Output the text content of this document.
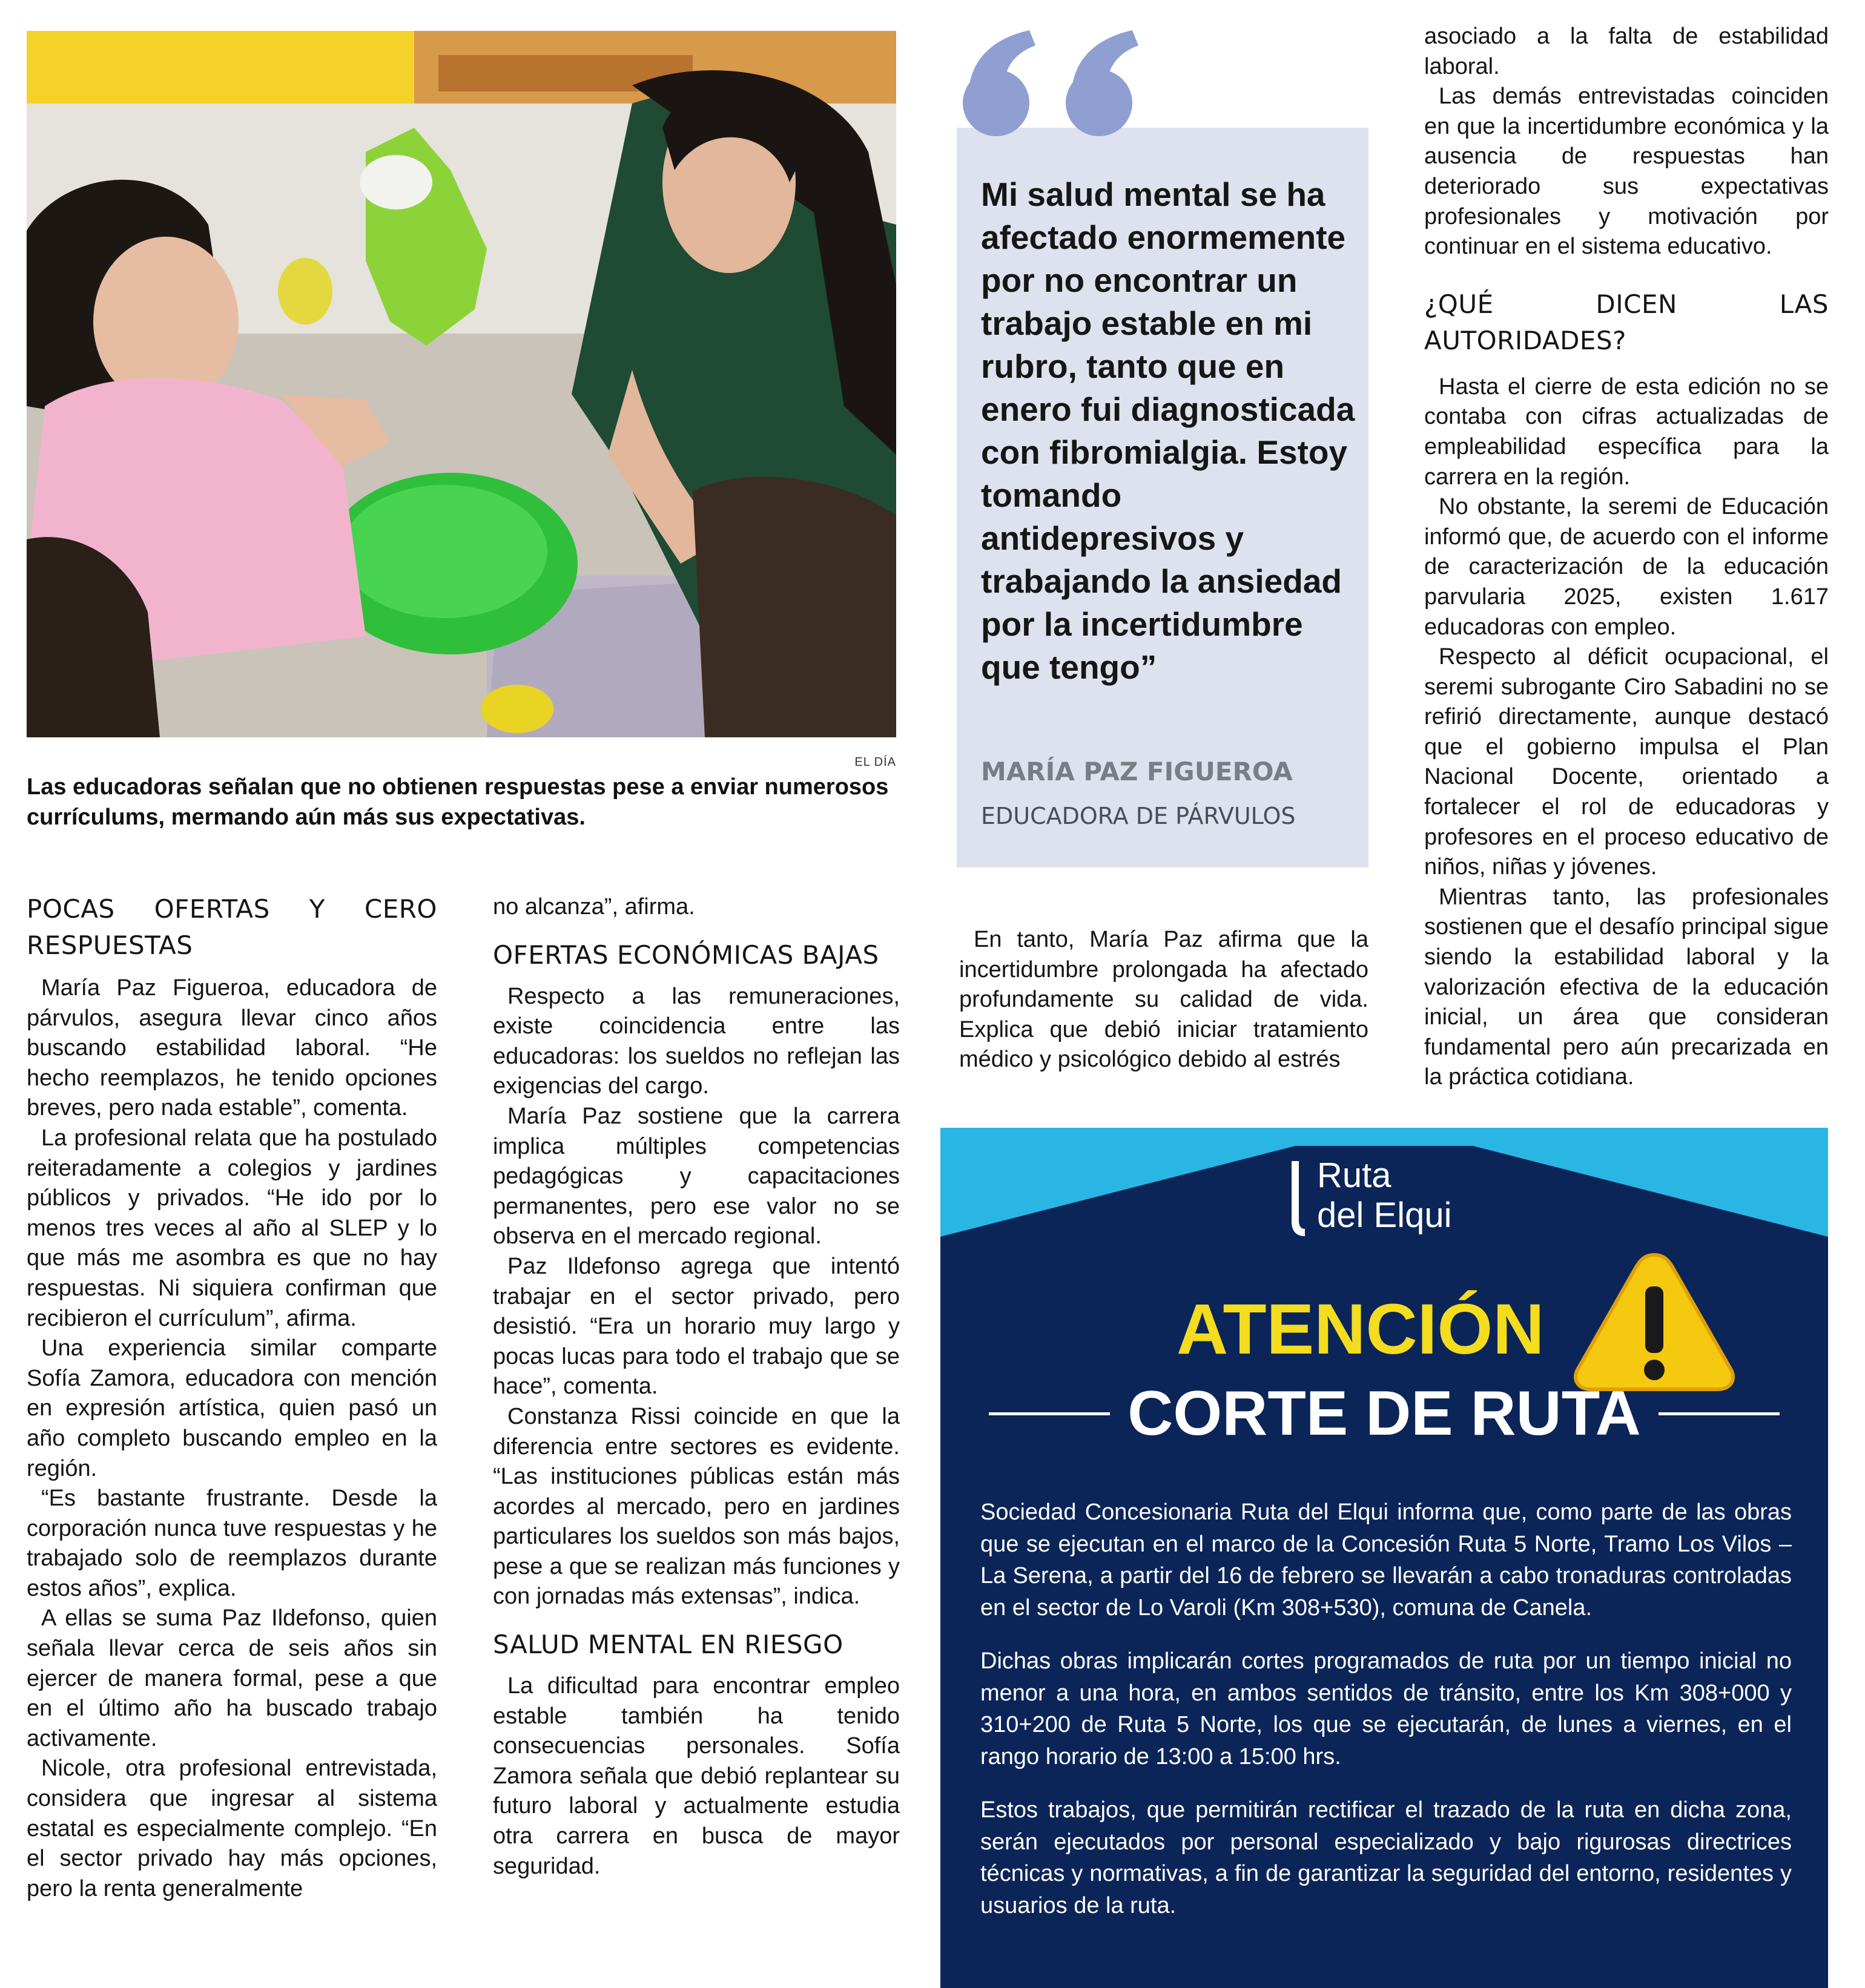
EL DÍA
Las educadoras señalan que no obtienen respuestas pese a enviar numerosos currículums, mermando aún más sus expectativas.
POCAS OFERTAS Y CERO RESPUESTAS

María Paz Figueroa, educadora de párvulos, asegura llevar cinco años buscando estabilidad laboral. “He hecho reemplazos, he tenido opciones breves, pero nada estable”, comenta.

La profesional relata que ha postulado reiteradamente a colegios y jardines públicos y privados. “He ido por lo menos tres veces al año al SLEP y lo que más me asombra es que no hay respuestas. Ni siquiera confirman que recibieron el currículum”, afirma.

Una experiencia similar comparte Sofía Zamora, educadora con mención en expresión artística, quien pasó un año completo buscando empleo en la región.

“Es bastante frustrante. Desde la corporación nunca tuve respuestas y he trabajado solo de reemplazos durante estos años”, explica.

A ellas se suma Paz Ildefonso, quien señala llevar cerca de seis años sin ejercer de manera formal, pese a que en el último año ha buscado trabajo activamente.

Nicole, otra profesional entrevistada, considera que ingresar al sistema estatal es especialmente complejo. “En el sector privado hay más opciones, pero la renta generalmente

no alcanza”, afirma.

OFERTAS ECONÓMICAS BAJAS

Respecto a las remuneraciones, existe coincidencia entre las educadoras: los sueldos no reflejan las exigencias del cargo.

María Paz sostiene que la carrera implica múltiples competencias pedagógicas y capacitaciones permanentes, pero ese valor no se observa en el mercado regional.

Paz Ildefonso agrega que intentó trabajar en el sector privado, pero desistió. “Era un horario muy largo y pocas lucas para todo el trabajo que se hace”, comenta.

Constanza Rissi coincide en que la diferencia entre sectores es evidente. “Las instituciones públicas están más acordes al mercado, pero en jardines particulares los sueldos son más bajos, pese a que se realizan más funciones y con jornadas más extensas”, indica.

SALUD MENTAL EN RIESGO

La dificultad para encontrar empleo estable también ha tenido consecuencias personales. Sofía Zamora señala que debió replantear su futuro laboral y actualmente estudia otra carrera en busca de mayor seguridad.

Mi salud mental se ha afectado enormemente por no encontrar un trabajo estable en mi rubro, tanto que en enero fui diagnosticada con fibromialgia. Estoy tomando antidepresivos y trabajando la ansiedad por la incertidumbre que tengo”
MARÍA PAZ FIGUEROA
EDUCADORA DE PÁRVULOS

En tanto, María Paz afirma que la incertidumbre prolongada ha afectado profundamente su calidad de vida. Explica que debió iniciar tratamiento médico y psicológico debido al estrés

asociado a la falta de estabilidad laboral.

Las demás entrevistadas coinciden en que la incertidumbre económica y la ausencia de respuestas han deteriorado sus expectativas profesionales y motivación por continuar en el sistema educativo.

¿QUÉ DICEN LAS AUTORIDADES?

Hasta el cierre de esta edición no se contaba con cifras actualizadas de empleabilidad específica para la carrera en la región.

No obstante, la seremi de Educación informó que, de acuerdo con el informe de caracterización de la educación parvularia 2025, existen 1.617 educadoras con empleo.

Respecto al déficit ocupacional, el seremi subrogante Ciro Sabadini no se refirió directamente, aunque destacó que el gobierno impulsa el Plan Nacional Docente, orientado a fortalecer el rol de educadoras y profesores en el proceso educativo de niños, niñas y jóvenes.

Mientras tanto, las profesionales sostienen que el desafío principal sigue siendo la estabilidad laboral y la valorización efectiva de la educación inicial, un área que consideran fundamental pero aún precarizada en la práctica cotidiana.

Ruta
del Elqui
ATENCIÓN
CORTE DE RUTA

Sociedad Concesionaria Ruta del Elqui informa que, como parte de las obras que se ejecutan en el marco de la Concesión Ruta 5 Norte, Tramo Los Vilos – La Serena, a partir del 16 de febrero se llevarán a cabo tronaduras controladas en el sector de Lo Varoli (Km 308+530), comuna de Canela.

Dichas obras implicarán cortes programados de ruta por un tiempo inicial no menor a una hora, en ambos sentidos de tránsito, entre los Km 308+000 y 310+200 de Ruta 5 Norte, los que se ejecutarán, de lunes a viernes, en el rango horario de 13:00 a 15:00 hrs.

Estos trabajos, que permitirán rectificar el trazado de la ruta en dicha zona, serán ejecutados por personal especializado y bajo rigurosas directrices técnicas y normativas, a fin de garantizar la seguridad del entorno, residentes y usuarios de la ruta.
